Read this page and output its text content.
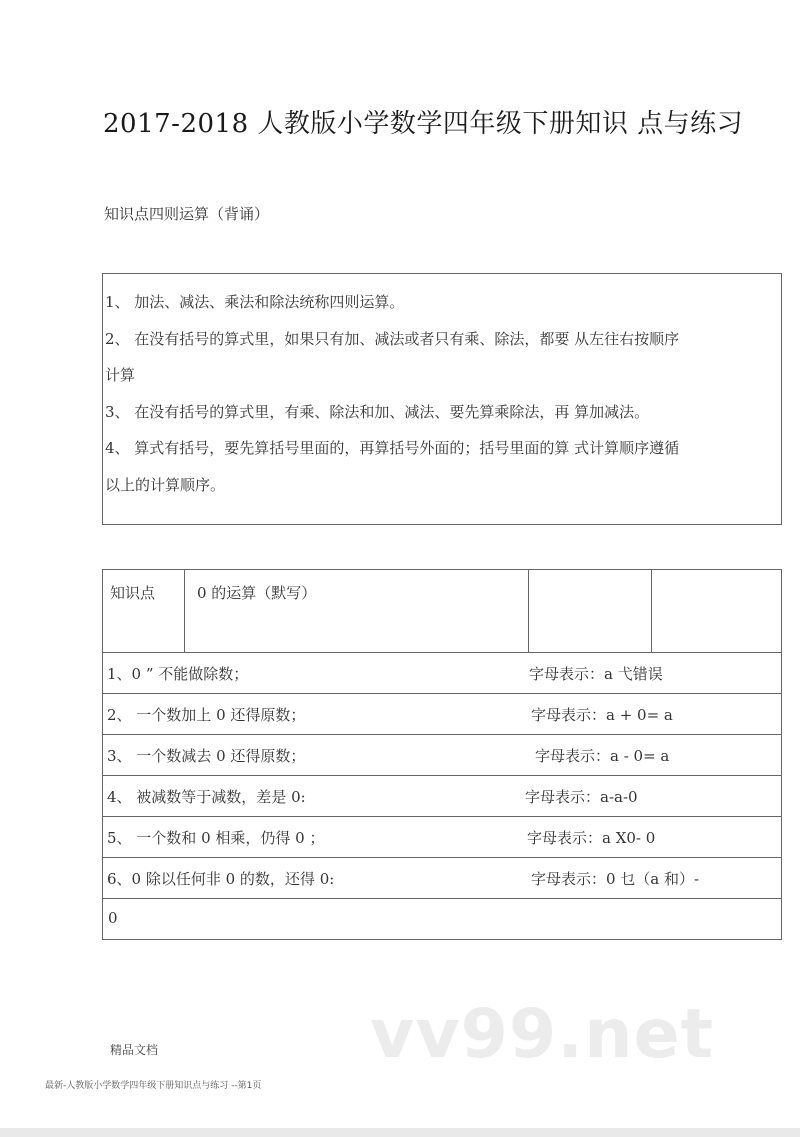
2017-2018 人教版小学数学四年级下册知识 点与练习
知识点四则运算（背诵）
1、 加法、减法、乘法和除法统称四则运算。
2、 在没有括号的算式里，如果只有加、减法或者只有乘、除法，都要 从左往右按顺序
计算
3、 在没有括号的算式里，有乘、除法和加、减法、要先算乘除法，再 算加减法。
4、 算式有括号，要先算括号里面的，再算括号外面的；括号里面的算 式计算顺序遵循
以上的计算顺序。
知识点	0 的运算（默写）
1、0 ” 不能做除数；	字母表示：a 弋错误
2、 一个数加上 0 还得原数；	字母表示：a + 0= a
3、 一个数减去 0 还得原数；	字母表示：a - 0= a
4、 被减数等于减数，差是 0:	字母表示：a-a-0
5、 一个数和 0 相乘，仍得 0 ；	字母表示：a X0- 0
6、0 除以任何非 0 的数，还得 0:	字母表示：0 乜（a 和）-
0
vv99.net
精品文档
最新-人教版小学数学四年级下册知识点与练习 --第1页
